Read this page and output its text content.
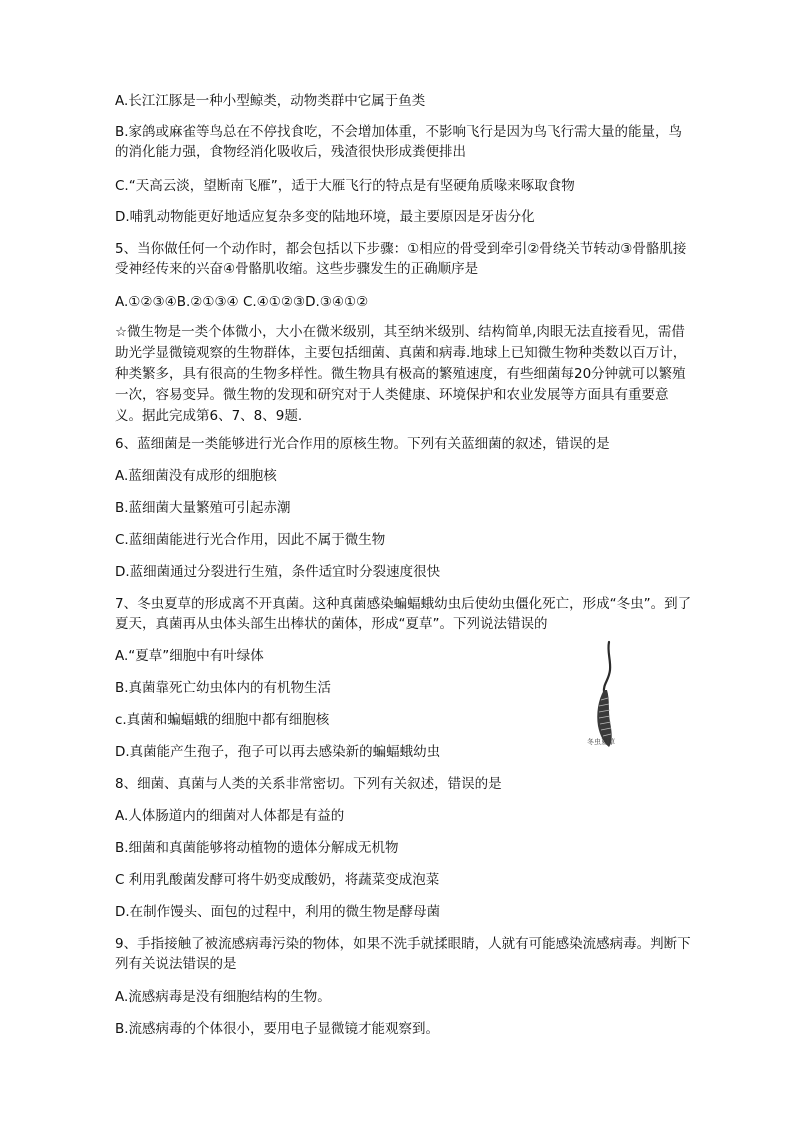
A.长江江豚是一种小型鲸类，动物类群中它属于鱼类
B.家鸽或麻雀等鸟总在不停找食吃，不会增加体重，不影响飞行是因为鸟飞行需大量的能量，鸟的消化能力强，食物经消化吸收后，残渣很快形成粪便排出
C.“天高云淡，望断南飞雁”，适于大雁飞行的特点是有坚硬角质喙来啄取食物
D.哺乳动物能更好地适应复杂多变的陆地环境，最主要原因是牙齿分化
5、当你做任何一个动作时，都会包括以下步骤：①相应的骨受到牵引②骨绕关节转动③骨骼肌接受神经传来的兴奋④骨骼肌收缩。这些步骤发生的正确顺序是
A.①②③④B.②①③④ C.④①②③D.③④①②
☆微生物是一类个体微小，大小在微米级别，其至纳米级别、结构简单,肉眼无法直接看见，需借助光学显微镜观察的生物群体，主要包括细菌、真菌和病毒.地球上已知微生物种类数以百万计，种类繁多，具有很高的生物多样性。微生物具有极高的繁殖速度，有些细菌每20分钟就可以繁殖一次，容易变异。微生物的发现和研究对于人类健康、环境保护和农业发展等方面具有重要意义。据此完成第6、7、8、9题.
6、蓝细菌是一类能够进行光合作用的原核生物。下列有关蓝细菌的叙述，错误的是
A.蓝细菌没有成形的细胞核
B.蓝细菌大量繁殖可引起赤潮
C.蓝细菌能进行光合作用，因此不属于微生物
D.蓝细菌通过分裂进行生殖，条件适宜时分裂速度很快
7、冬虫夏草的形成离不开真菌。这种真菌感染蝙蝠蛾幼虫后使幼虫僵化死亡，形成“冬虫”。到了夏天，真菌再从虫体头部生出棒状的菌体，形成“夏草”。下列说法错误的
A.“夏草”细胞中有叶绿体
B.真菌靠死亡幼虫体内的有机物生活
c.真菌和蝙蝠蛾的细胞中都有细胞核
D.真菌能产生孢子，孢子可以再去感染新的蝙蝠蛾幼虫
冬虫夏草
8、细菌、真菌与人类的关系非常密切。下列有关叙述，错误的是
A.人体肠道内的细菌对人体都是有益的
B.细菌和真菌能够将动植物的遗体分解成无机物
C 利用乳酸菌发酵可将牛奶变成酸奶，将蔬菜变成泡菜
D.在制作馒头、面包的过程中，利用的微生物是酵母菌
9、手指接触了被流感病毒污染的物体，如果不洗手就揉眼睛，人就有可能感染流感病毒。判断下列有关说法错误的是
A.流感病毒是没有细胞结构的生物。
B.流感病毒的个体很小，要用电子显微镜才能观察到。
